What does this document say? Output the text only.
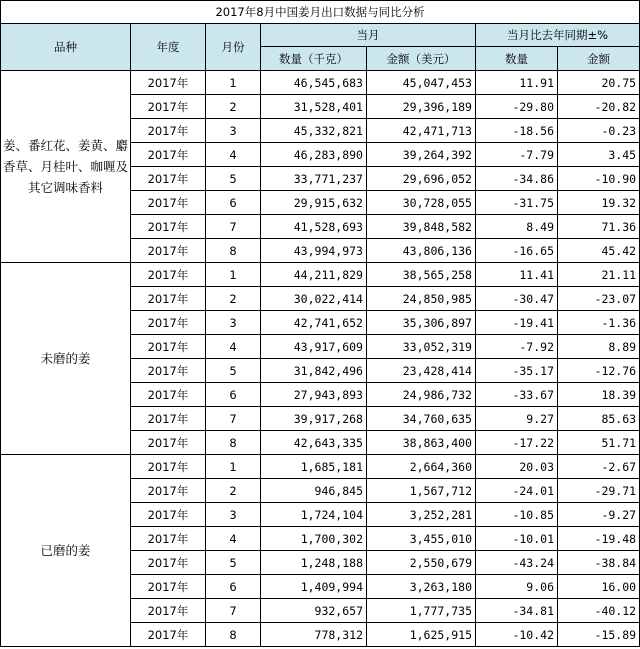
2017年8月中国姜月出口数据与同比分析						
品种	年度	月份	当月		当月比去年同期±%	
			数量（千克）	金额（美元）	数量	金额
姜、番红花、姜黄、麝香草、月桂叶、咖喱及其它调味香料	2017年	1	46,545,683	45,047,453	11.91	20.75
	2017年	2	31,528,401	29,396,189	-29.80	-20.82
	2017年	3	45,332,821	42,471,713	-18.56	-0.23
	2017年	4	46,283,890	39,264,392	-7.79	3.45
	2017年	5	33,771,237	29,696,052	-34.86	-10.90
	2017年	6	29,915,632	30,728,055	-31.75	19.32
	2017年	7	41,528,693	39,848,582	8.49	71.36
	2017年	8	43,994,973	43,806,136	-16.65	45.42
未磨的姜	2017年	1	44,211,829	38,565,258	11.41	21.11
	2017年	2	30,022,414	24,850,985	-30.47	-23.07
	2017年	3	42,741,652	35,306,897	-19.41	-1.36
	2017年	4	43,917,609	33,052,319	-7.92	8.89
	2017年	5	31,842,496	23,428,414	-35.17	-12.76
	2017年	6	27,943,893	24,986,732	-33.67	18.39
	2017年	7	39,917,268	34,760,635	9.27	85.63
	2017年	8	42,643,335	38,863,400	-17.22	51.71
已磨的姜	2017年	1	1,685,181	2,664,360	20.03	-2.67
	2017年	2	946,845	1,567,712	-24.01	-29.71
	2017年	3	1,724,104	3,252,281	-10.85	-9.27
	2017年	4	1,700,302	3,455,010	-10.01	-19.48
	2017年	5	1,248,188	2,550,679	-43.24	-38.84
	2017年	6	1,409,994	3,263,180	9.06	16.00
	2017年	7	932,657	1,777,735	-34.81	-40.12
	2017年	8	778,312	1,625,915	-10.42	-15.89
